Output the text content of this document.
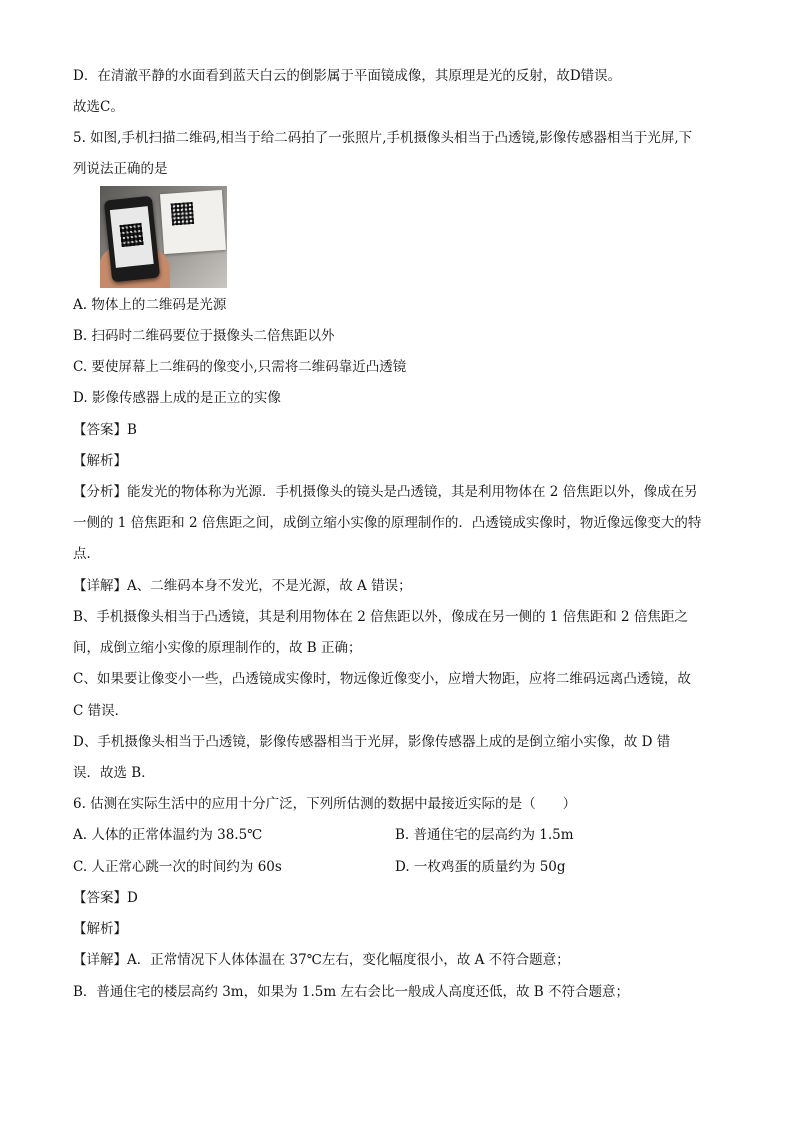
D．在清澈平静的水面看到蓝天白云的倒影属于平面镜成像，其原理是光的反射，故D错误。
故选C。
5. 如图,手机扫描二维码,相当于给二码拍了一张照片,手机摄像头相当于凸透镜,影像传感器相当于光屏,下
列说法正确的是
A. 物体上的二维码是光源
B. 扫码时二维码要位于摄像头二倍焦距以外
C. 要使屏幕上二维码的像变小,只需将二维码靠近凸透镜
D. 影像传感器上成的是正立的实像
【答案】B
【解析】
【分析】能发光的物体称为光源．手机摄像头的镜头是凸透镜，其是利用物体在 2 倍焦距以外，像成在另
一侧的 1 倍焦距和 2 倍焦距之间，成倒立缩小实像的原理制作的．凸透镜成实像时，物近像远像变大的特
点．
【详解】A、二维码本身不发光，不是光源，故 A 错误；
B、手机摄像头相当于凸透镜，其是利用物体在 2 倍焦距以外，像成在另一侧的 1 倍焦距和 2 倍焦距之
间，成倒立缩小实像的原理制作的，故 B 正确；
C、如果要让像变小一些，凸透镜成实像时，物远像近像变小，应增大物距，应将二维码远离凸透镜，故
C 错误．
D、手机摄像头相当于凸透镜，影像传感器相当于光屏，影像传感器上成的是倒立缩小实像，故 D 错
误．故选 B．
6. 估测在实际生活中的应用十分广泛，下列所估测的数据中最接近实际的是（　　）
A. 人体的正常体温约为 38.5℃	B. 普通住宅的层高约为 1.5m
C. 人正常心跳一次的时间约为 60s	D. 一枚鸡蛋的质量约为 50g
【答案】D
【解析】
【详解】A．正常情况下人体体温在 37℃左右，变化幅度很小，故 A 不符合题意；
B．普通住宅的楼层高约 3m，如果为 1.5m 左右会比一般成人高度还低，故 B 不符合题意；
